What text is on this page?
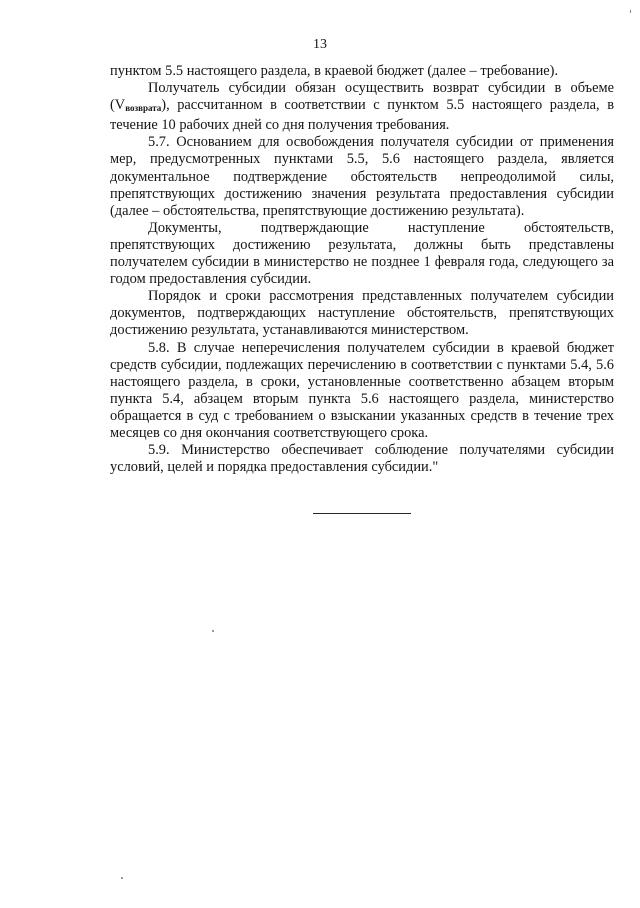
13

пунктом 5.5 настоящего раздела, в краевой бюджет (далее – требование).

Получатель субсидии обязан осуществить возврат субсидии в объеме $(V_{возврата})$, рассчитанном в соответствии с пунктом 5.5 настоящего раздела, в течение 10 рабочих дней со дня получения требования.

5.7. Основанием для освобождения получателя субсидии от применения мер, предусмотренных пунктами 5.5, 5.6 настоящего раздела, является документальное подтверждение обстоятельств непреодолимой силы, препятствующих достижению значения результата предоставления субсидии (далее – обстоятельства, препятствующие достижению результата).

Документы, подтверждающие наступление обстоятельств, препятствующих достижению результата, должны быть представлены получателем субсидии в министерство не позднее 1 февраля года, следующего за годом предоставления субсидии.

Порядок и сроки рассмотрения представленных получателем субсидии документов, подтверждающих наступление обстоятельств, препятствующих достижению результата, устанавливаются министерством.

5.8. В случае неперечисления получателем субсидии в краевой бюджет средств субсидии, подлежащих перечислению в соответствии с пунктами 5.4, 5.6 настоящего раздела, в сроки, установленные соответственно абзацем вторым пункта 5.4, абзацем вторым пункта 5.6 настоящего раздела, министерство обращается в суд с требованием о взыскании указанных средств в течение трех месяцев со дня окончания соответствующего срока.

5.9. Министерство обеспечивает соблюдение получателями субсидии условий, целей и порядка предоставления субсидии."
